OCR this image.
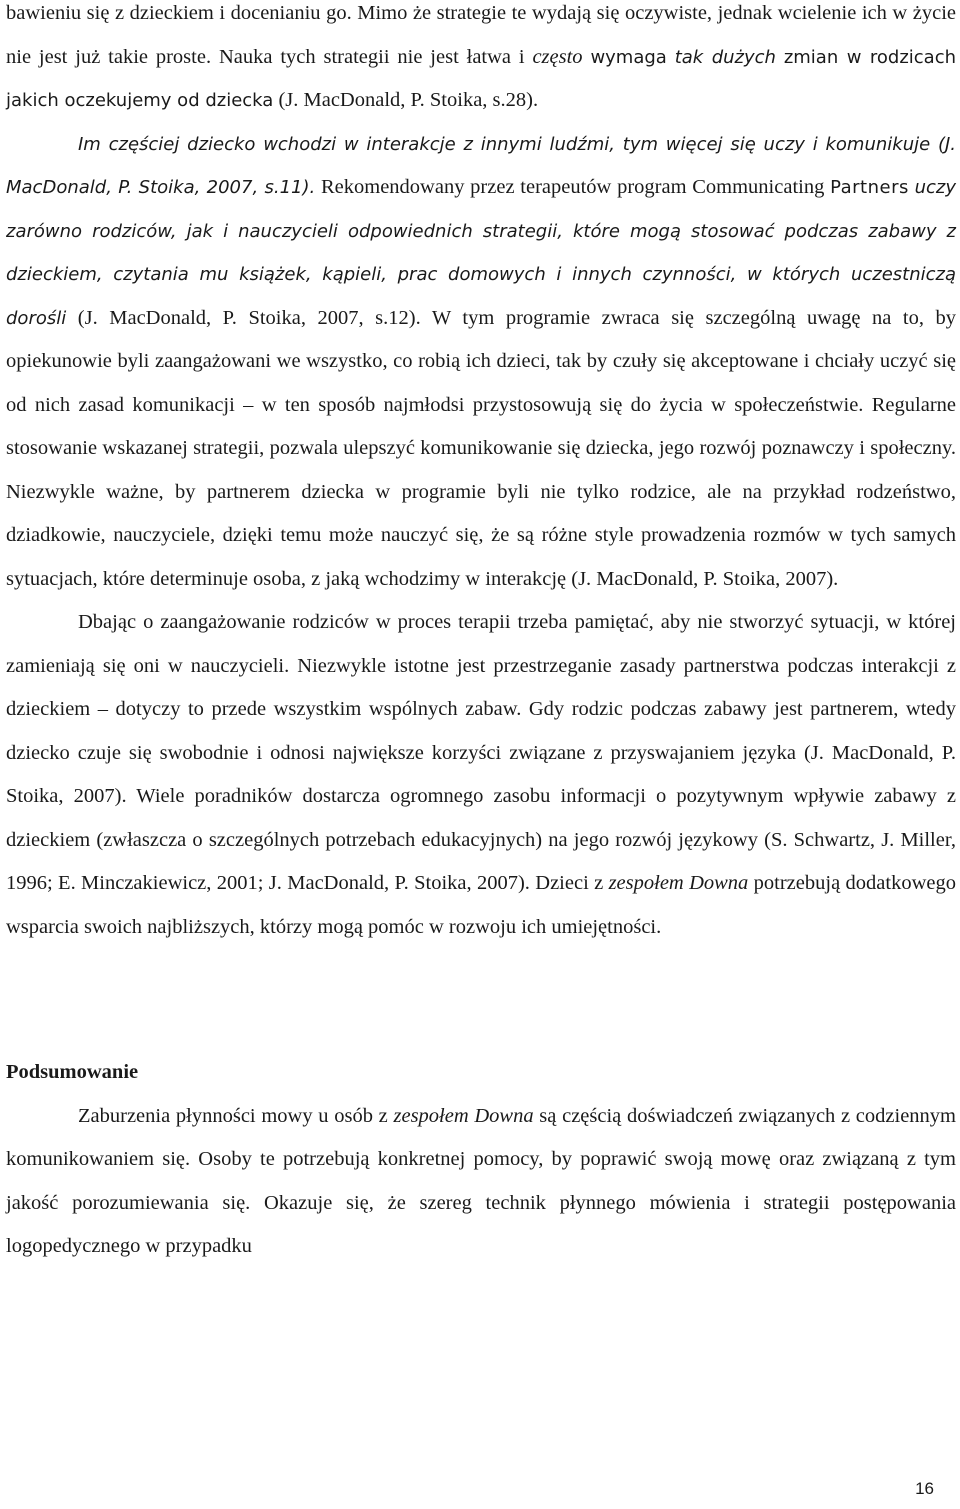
bawieniu się z dzieckiem i docenianiu go. Mimo że strategie te wydają się oczywiste, jednak wcielenie ich w życie nie jest już takie proste. Nauka tych strategii nie jest łatwa i często wymaga tak dużych zmian w rodzicach jakich oczekujemy od dziecka (J. MacDonald, P. Stoika, s.28).

Im częściej dziecko wchodzi w interakcje z innymi ludźmi, tym więcej się uczy i komunikuje (J. MacDonald, P. Stoika, 2007, s.11). Rekomendowany przez terapeutów program Communicating Partners uczy zarówno rodziców, jak i nauczycieli odpowiednich strategii, które mogą stosować podczas zabawy z dzieckiem, czytania mu książek, kąpieli, prac domowych i innych czynności, w których uczestniczą dorośli (J. MacDonald, P. Stoika, 2007, s.12). W tym programie zwraca się szczególną uwagę na to, by opiekunowie byli zaangażowani we wszystko, co robią ich dzieci, tak by czuły się akceptowane i chciały uczyć się od nich zasad komunikacji – w ten sposób najmłodsi przystosowują się do życia w społeczeństwie. Regularne stosowanie wskazanej strategii, pozwala ulepszyć komunikowanie się dziecka, jego rozwój poznawczy i społeczny. Niezwykle ważne, by partnerem dziecka w programie byli nie tylko rodzice, ale na przykład rodzeństwo, dziadkowie, nauczyciele, dzięki temu może nauczyć się, że są różne style prowadzenia rozmów w tych samych sytuacjach, które determinuje osoba, z jaką wchodzimy w interakcję (J. MacDonald, P. Stoika, 2007).

Dbając o zaangażowanie rodziców w proces terapii trzeba pamiętać, aby nie stworzyć sytuacji, w której zamieniają się oni w nauczycieli. Niezwykle istotne jest przestrzeganie zasady partnerstwa podczas interakcji z dzieckiem – dotyczy to przede wszystkim wspólnych zabaw. Gdy rodzic podczas zabawy jest partnerem, wtedy dziecko czuje się swobodnie i odnosi największe korzyści związane z przyswajaniem języka (J. MacDonald, P. Stoika, 2007). Wiele poradników dostarcza ogromnego zasobu informacji o pozytywnym wpływie zabawy z dzieckiem (zwłaszcza o szczególnych potrzebach edukacyjnych) na jego rozwój językowy (S. Schwartz, J. Miller, 1996; E. Minczakiewicz, 2001; J. MacDonald, P. Stoika, 2007). Dzieci z zespołem Downa potrzebują dodatkowego wsparcia swoich najbliższych, którzy mogą pomóc w rozwoju ich umiejętności.

Podsumowanie

Zaburzenia płynności mowy u osób z zespołem Downa są częścią doświadczeń związanych z codziennym komunikowaniem się. Osoby te potrzebują konkretnej pomocy, by poprawić swoją mowę oraz związaną z tym jakość porozumiewania się. Okazuje się, że szereg technik płynnego mówienia i strategii postępowania logopedycznego w przypadku

16
